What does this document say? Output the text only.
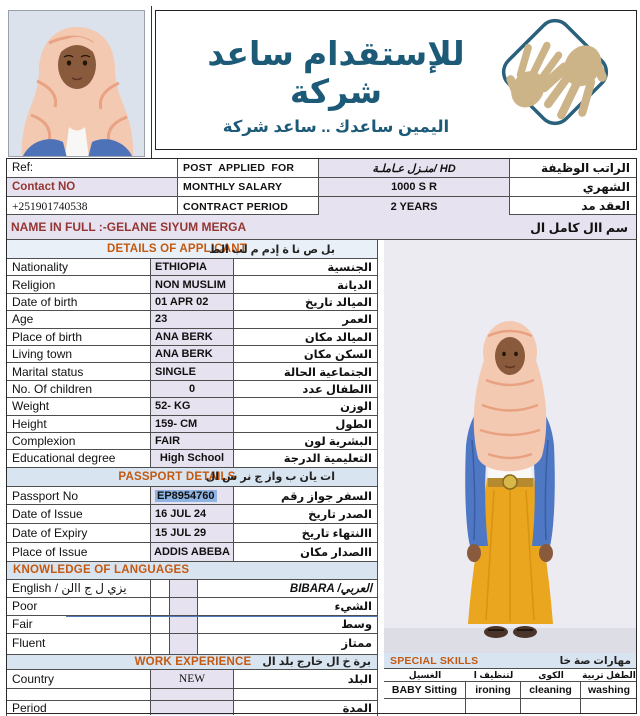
للإستقدام ساعد شركة
اليمين ساعدك .. ساعد شركة
Ref:	POST  APPLIED  FOR	منـزل عـاملـة/ HD	الراتب الوظيفة
Contact NO	MONTHLY SALARY	1000 S R	الشهري
+251901740538	CONTRACT PERIOD	2 YEARS	العقد مد
NAME IN FULL :-GELANE SIYUM MERGA	سم اال كامل ال
DETAILS OF APPLICANT
بل ص نا ة إدم م لب الط
Nationality	ETHIOPIA	الجنسية
Religion	NON MUSLIM	الديانة
Date of birth	01 APR 02	الميالد تاريخ
Age	23	العمر
Place of birth	ANA BERK	الميالد مكان
Living town	ANA BERK	السكن مكان
Marital status	SINGLE	الجتماعية الحالة
No. Of children	0	االطفال عدد
Weight	52- KG	الوزن
Height	159- CM	الطول
Complexion	FAIR	البشرية لون
Educational degree	High School	التعليمية الدرجة
PASSPORT DETAILS
ات يان ب واز ج نر س ال
Passport No	EP8954760	السفر جواز رقم
Date of Issue	16 JUL 24	الصدر تاريخ
Date of Expiry	15 JUL 29	االنتهاء تاريخ
Place of Issue	ADDIS ABEBA	االصدار مكان
KNOWLEDGE OF LANGUAGES
English / يزي ل ج االن	BIBARA /العربي
Poor	الشيء
Fair	وسط
Fluent	ممتاز
WORK EXPERIENCE	برة خ ال خارج بلد ال
Country	NEW	البلد
Period	المدة
SPECIAL SKILLS	مهارات صة خا
الغسيل	لتنظيف ا	الكوى	الطفل تربية
BABY Sitting	ironing	cleaning	washing
